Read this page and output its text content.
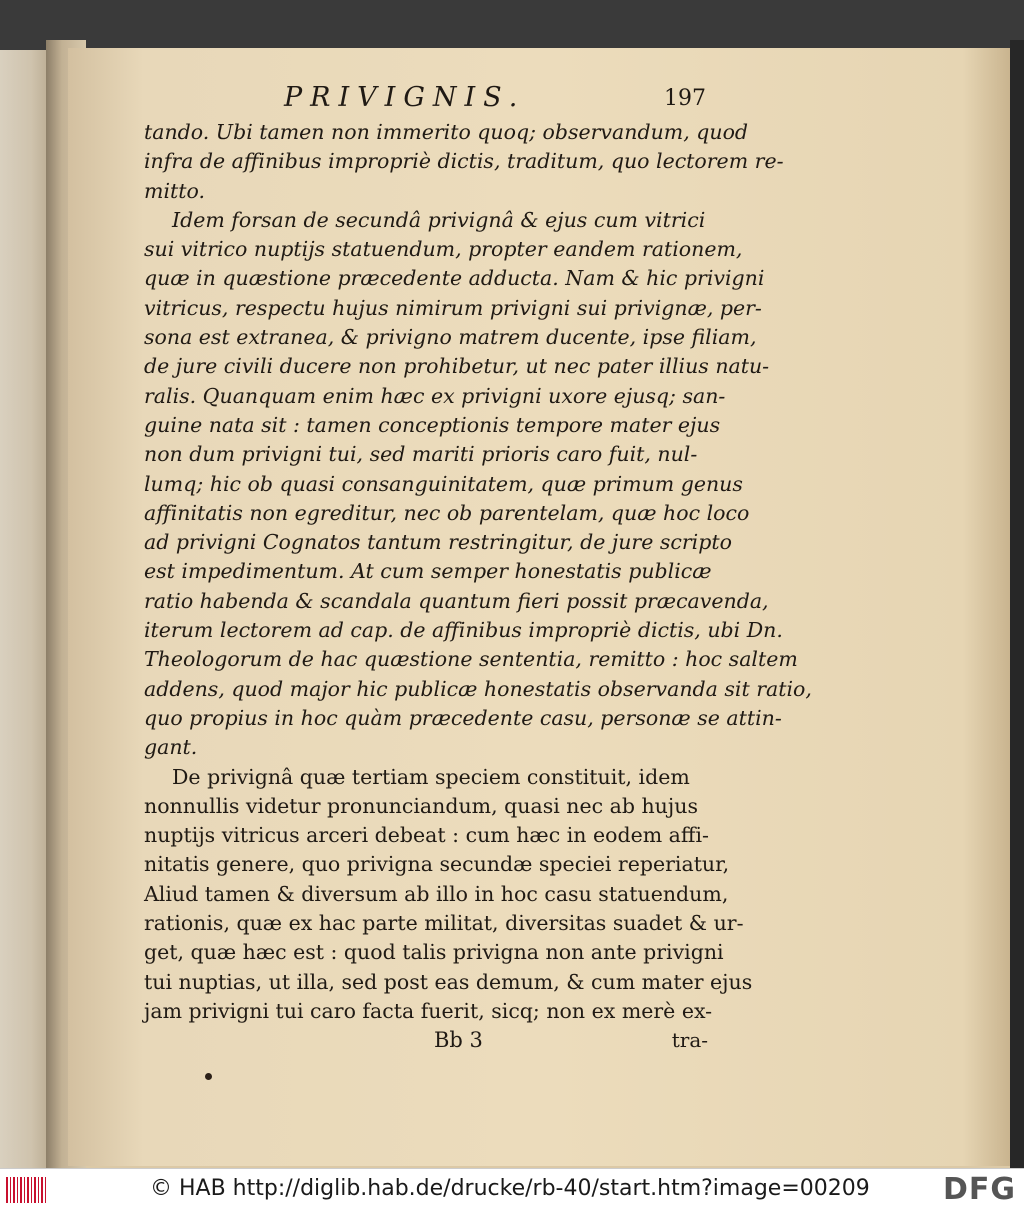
PRIVIGNIS.	197
tando. Ubi tamen non immerito quoq; observandum, quod
infra de affinibus impropriè dictis, traditum, quo lectorem re-
mitto.
Idem forsan de secundâ privignâ & ejus cum vitrici
sui vitrico nuptijs statuendum, propter eandem rationem,
quæ in quæstione præcedente adducta. Nam & hic privigni
vitricus, respectu hujus nimirum privigni sui privignæ, per-
sona est extranea, & privigno matrem ducente, ipse filiam,
de jure civili ducere non prohibetur, ut nec pater illius natu-
ralis. Quanquam enim hæc ex privigni uxore ejusq; san-
guine nata sit : tamen conceptionis tempore mater ejus
non dum privigni tui, sed mariti prioris caro fuit, nul-
lumq; hic ob quasi consanguinitatem, quæ primum genus
affinitatis non egreditur, nec ob parentelam, quæ hoc loco
ad privigni Cognatos tantum restringitur, de jure scripto
est impedimentum. At cum semper honestatis publicæ
ratio habenda & scandala quantum fieri possit præcavenda,
iterum lectorem ad cap. de affinibus impropriè dictis, ubi Dn.
Theologorum de hac quæstione sententia, remitto : hoc saltem
addens, quod major hic publicæ honestatis observanda sit ratio,
quo propius in hoc quàm præcedente casu, personæ se attin-
gant.
De privignâ quæ tertiam speciem constituit, idem
nonnullis videtur pronunciandum, quasi nec ab hujus
nuptijs vitricus arceri debeat : cum hæc in eodem affi-
nitatis genere, quo privigna secundæ speciei reperiatur,
Aliud tamen & diversum ab illo in hoc casu statuendum,
rationis, quæ ex hac parte militat, diversitas suadet & ur-
get, quæ hæc est : quod talis privigna non ante privigni
tui nuptias, ut illa, sed post eas demum, & cum mater ejus
jam privigni tui caro facta fuerit, sicq; non ex merè ex-
Bb 3	tra-
© HAB http://diglib.hab.de/drucke/rb-40/start.htm?image=00209 DFG
